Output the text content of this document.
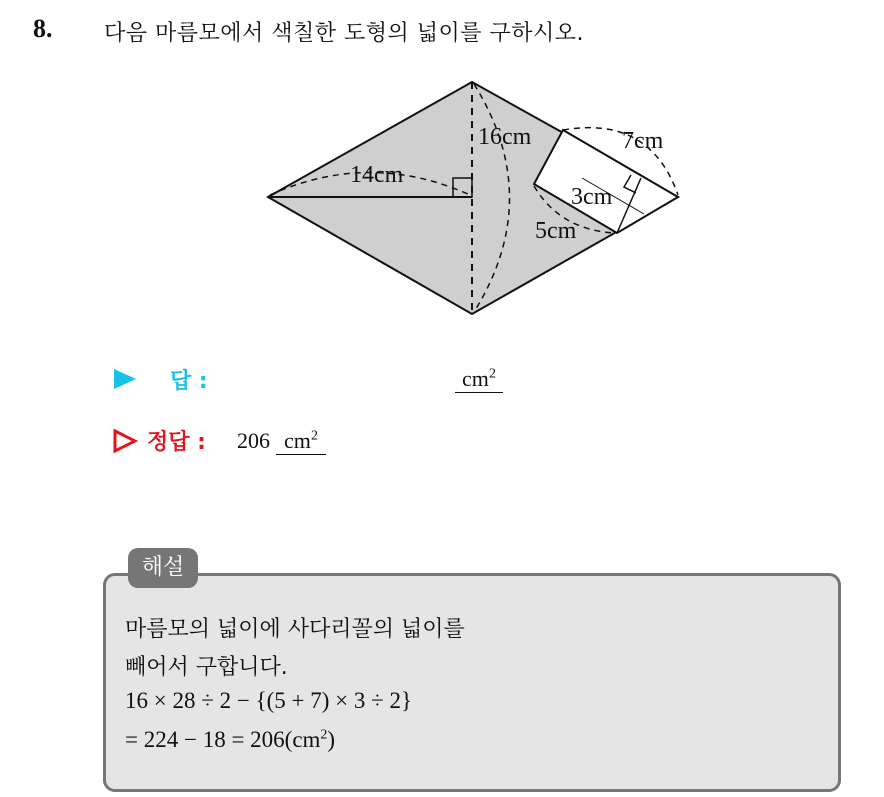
8. 다음 마름모에서 색칠한 도형의 넓이를 구하시오.
14cm
16cm	7cm
3cm
5cm
답 :	$cm^2$
정답 : 206 $cm^2$
해설
마름모의 넓이에 사다리꼴의 넓이를
빼어서 구합니다.
16 × 28 ÷ 2 − {(5 + 7) × 3 ÷ 2}
= $224 - 18 = 206(cm^2)$
